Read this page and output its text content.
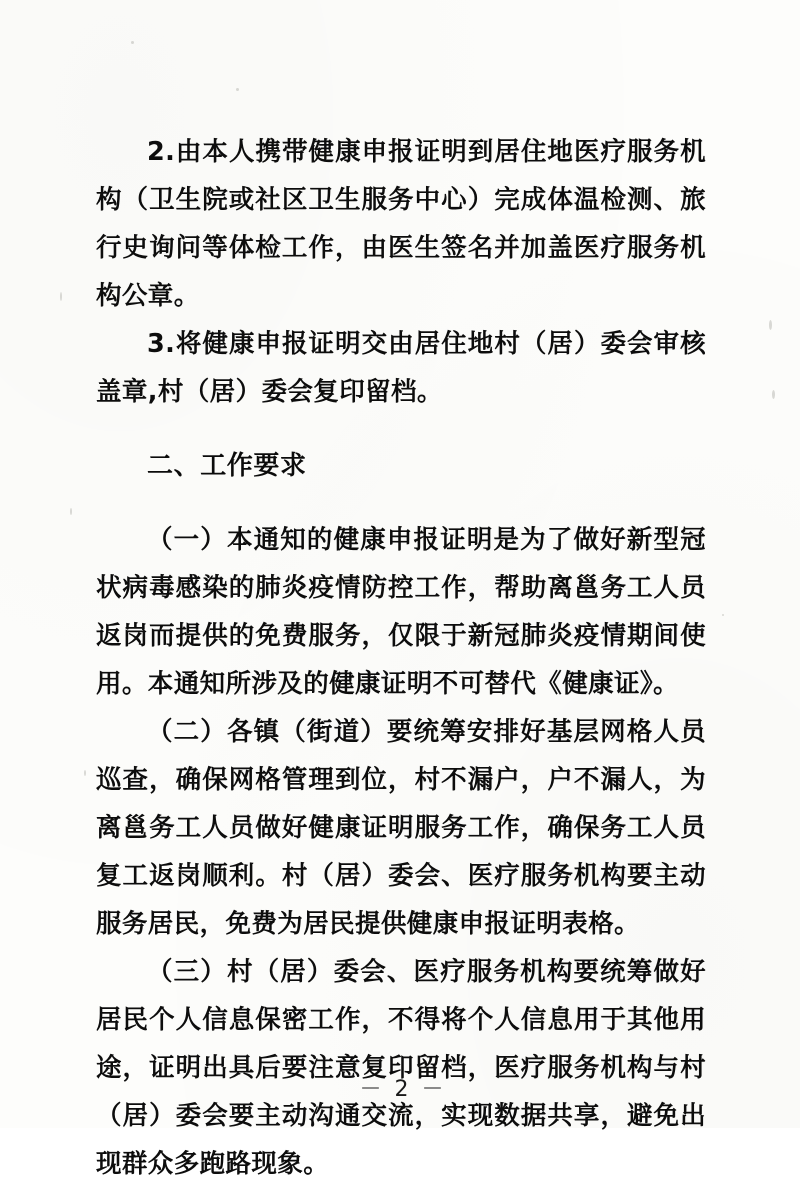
2.由本人携带健康申报证明到居住地医疗服务机构（卫生院或社区卫生服务中心）完成体温检测、旅行史询问等体检工作，由医生签名并加盖医疗服务机构公章。

3.将健康申报证明交由居住地村（居）委会审核盖章,村（居）委会复印留档。

二、工作要求

（一）本通知的健康申报证明是为了做好新型冠状病毒感染的肺炎疫情防控工作，帮助离邕务工人员返岗而提供的免费服务，仅限于新冠肺炎疫情期间使用。本通知所涉及的健康证明不可替代《健康证》。

（二）各镇（街道）要统筹安排好基层网格人员巡查，确保网格管理到位，村不漏户，户不漏人，为离邕务工人员做好健康证明服务工作，确保务工人员复工返岗顺利。村（居）委会、医疗服务机构要主动服务居民，免费为居民提供健康申报证明表格。

（三）村（居）委会、医疗服务机构要统筹做好居民个人信息保密工作，不得将个人信息用于其他用途，证明出具后要注意复印留档，医疗服务机构与村（居）委会要主动沟通交流，实现数据共享，避免出现群众多跑路现象。

－ 2 －
